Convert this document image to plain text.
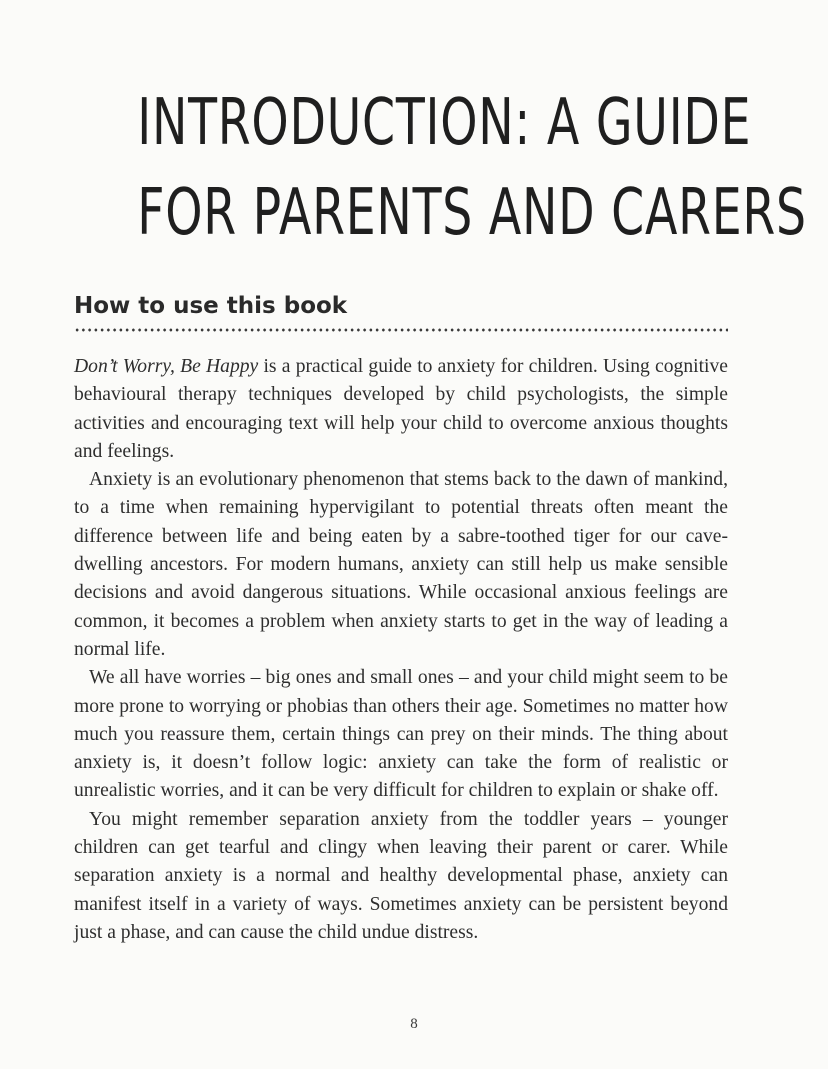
INTRODUCTION: A GUIDE
FOR PARENTS AND CARERS
How to use this book

Don’t Worry, Be Happy is a practical guide to anxiety for children. Using cognitive behavioural therapy techniques developed by child psychologists, the simple activities and encouraging text will help your child to overcome anxious thoughts and feelings.

Anxiety is an evolutionary phenomenon that stems back to the dawn of mankind, to a time when remaining hypervigilant to potential threats often meant the difference between life and being eaten by a sabre-toothed tiger for our cave-dwelling ancestors. For modern humans, anxiety can still help us make sensible decisions and avoid dangerous situations. While occasional anxious feelings are common, it becomes a problem when anxiety starts to get in the way of leading a normal life.

We all have worries – big ones and small ones – and your child might seem to be more prone to worrying or phobias than others their age. Sometimes no matter how much you reassure them, certain things can prey on their minds. The thing about anxiety is, it doesn’t follow logic: anxiety can take the form of realistic or unrealistic worries, and it can be very difficult for children to explain or shake off.

You might remember separation anxiety from the toddler years – younger children can get tearful and clingy when leaving their parent or carer. While separation anxiety is a normal and healthy developmental phase, anxiety can manifest itself in a variety of ways. Sometimes anxiety can be persistent beyond just a phase, and can cause the child undue distress.

8
